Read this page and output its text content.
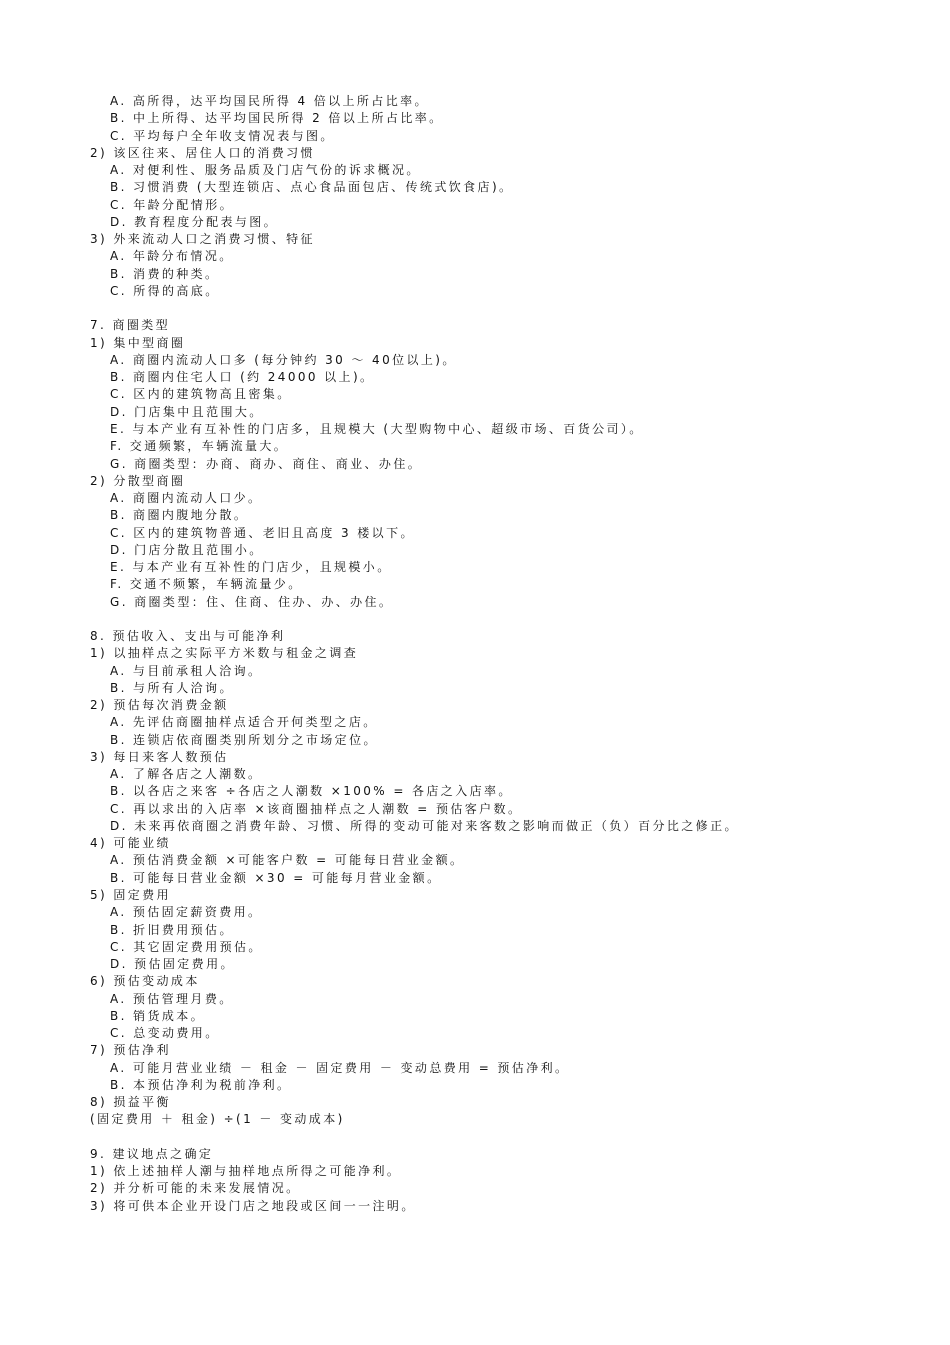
A. 高所得，达平均国民所得 4 倍以上所占比率。
B. 中上所得、达平均国民所得 2 倍以上所占比率。
C. 平均每户全年收支情况表与图。
2) 该区往来、居住人口的消费习惯
A. 对便利性、服务品质及门店气份的诉求概况。
B. 习惯消费 (大型连锁店、点心食品面包店、传统式饮食店)。
C. 年龄分配情形。
D. 教育程度分配表与图。
3) 外来流动人口之消费习惯、特征
A. 年龄分布情况。
B. 消费的种类。
C. 所得的高底。
7. 商圈类型
1) 集中型商圈
A. 商圈内流动人口多 (每分钟约 30 ～ 40位以上)。
B. 商圈内住宅人口 (约 24000 以上)。
C. 区内的建筑物高且密集。
D. 门店集中且范围大。
E. 与本产业有互补性的门店多，且规模大 (大型购物中心、超级市场、百货公司）。
F. 交通频繁，车辆流量大。
G. 商圈类型：办商、商办、商住、商业、办住。
2) 分散型商圈
A. 商圈内流动人口少。
B. 商圈内腹地分散。
C. 区内的建筑物普通、老旧且高度 3 楼以下。
D. 门店分散且范围小。
E. 与本产业有互补性的门店少，且规模小。
F. 交通不频繁，车辆流量少。
G. 商圈类型：住、住商、住办、办、办住。
8. 预估收入、支出与可能净利
1) 以抽样点之实际平方米数与租金之调查
A. 与目前承租人洽询。
B. 与所有人洽询。
2) 预估每次消费金额
A. 先评估商圈抽样点适合开何类型之店。
B. 连锁店依商圈类别所划分之市场定位。
3) 每日来客人数预估
A. 了解各店之人潮数。
B. 以各店之来客 ÷各店之人潮数 ×100% = 各店之入店率。
C. 再以求出的入店率 ×该商圈抽样点之人潮数 = 预估客户数。
D. 未来再依商圈之消费年龄、习惯、所得的变动可能对来客数之影响而做正（负）百分比之修正。
4) 可能业绩
A. 预估消费金额 ×可能客户数 = 可能每日营业金额。
B. 可能每日营业金额 ×30 = 可能每月营业金额。
5) 固定费用
A. 预估固定薪资费用。
B. 折旧费用预估。
C. 其它固定费用预估。
D. 预估固定费用。
6) 预估变动成本
A. 预估管理月费。
B. 销货成本。
C. 总变动费用。
7) 预估净利
A. 可能月营业业绩 － 租金 － 固定费用 － 变动总费用 = 预估净利。
B. 本预估净利为税前净利。
8) 损益平衡
(固定费用 ＋ 租金) ÷(1 － 变动成本)
9. 建议地点之确定
1) 依上述抽样人潮与抽样地点所得之可能净利。
2) 并分析可能的未来发展情况。
3) 将可供本企业开设门店之地段或区间一一注明。
